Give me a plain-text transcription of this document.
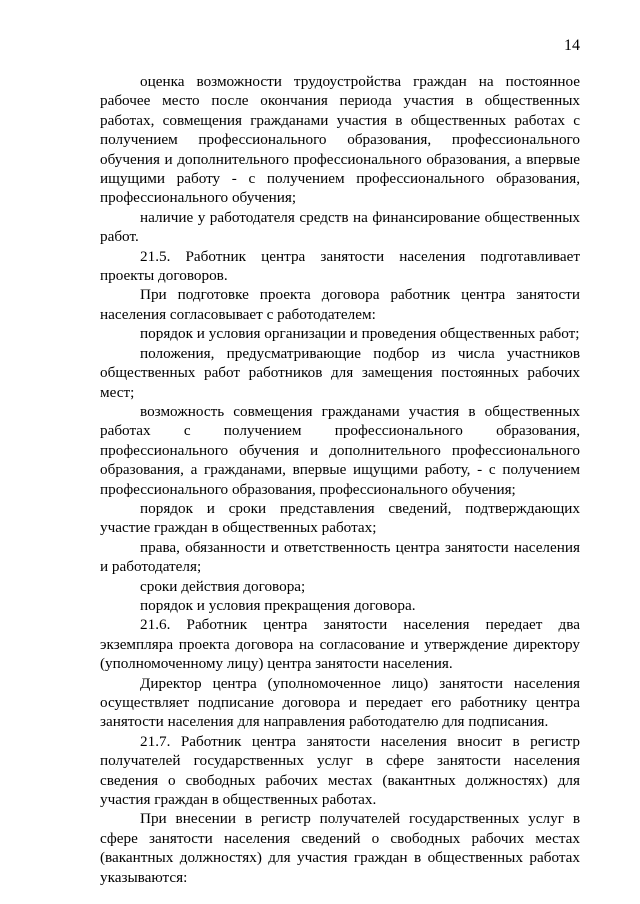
14

оценка возможности трудоустройства граждан на постоянное рабочее место после окончания периода участия в общественных работах, совмещения гражданами участия в общественных работах с получением профессионального образования, профессионального обучения и дополнительного профессионального образования, а впервые ищущими работу - с получением профессионального образования, профессионального обучения;

наличие у работодателя средств на финансирование общественных работ.

21.5. Работник центра занятости населения подготавливает проекты договоров.

При подготовке проекта договора работник центра занятости населения согласовывает с работодателем:

порядок и условия организации и проведения общественных работ;

положения, предусматривающие подбор из числа участников общественных работ работников для замещения постоянных рабочих мест;

возможность совмещения гражданами участия в общественных работах с получением профессионального образования, профессионального обучения и дополнительного профессионального образования, а гражданами, впервые ищущими работу, - с получением профессионального образования, профессионального обучения;

порядок и сроки представления сведений, подтверждающих участие граждан в общественных работах;

права, обязанности и ответственность центра занятости населения и работодателя;

сроки действия договора;

порядок и условия прекращения договора.

21.6. Работник центра занятости населения передает два экземпляра проекта договора на согласование и утверждение директору (уполномоченному лицу) центра занятости населения.

Директор центра (уполномоченное лицо) занятости населения осуществляет подписание договора и передает его работнику центра занятости населения для направления работодателю для подписания.

21.7. Работник центра занятости населения вносит в регистр получателей государственных услуг в сфере занятости населения сведения о свободных рабочих местах (вакантных должностях) для участия граждан в общественных работах.

При внесении в регистр получателей государственных услуг в сфере занятости населения сведений о свободных рабочих местах (вакантных должностях) для участия граждан в общественных работах указываются:
